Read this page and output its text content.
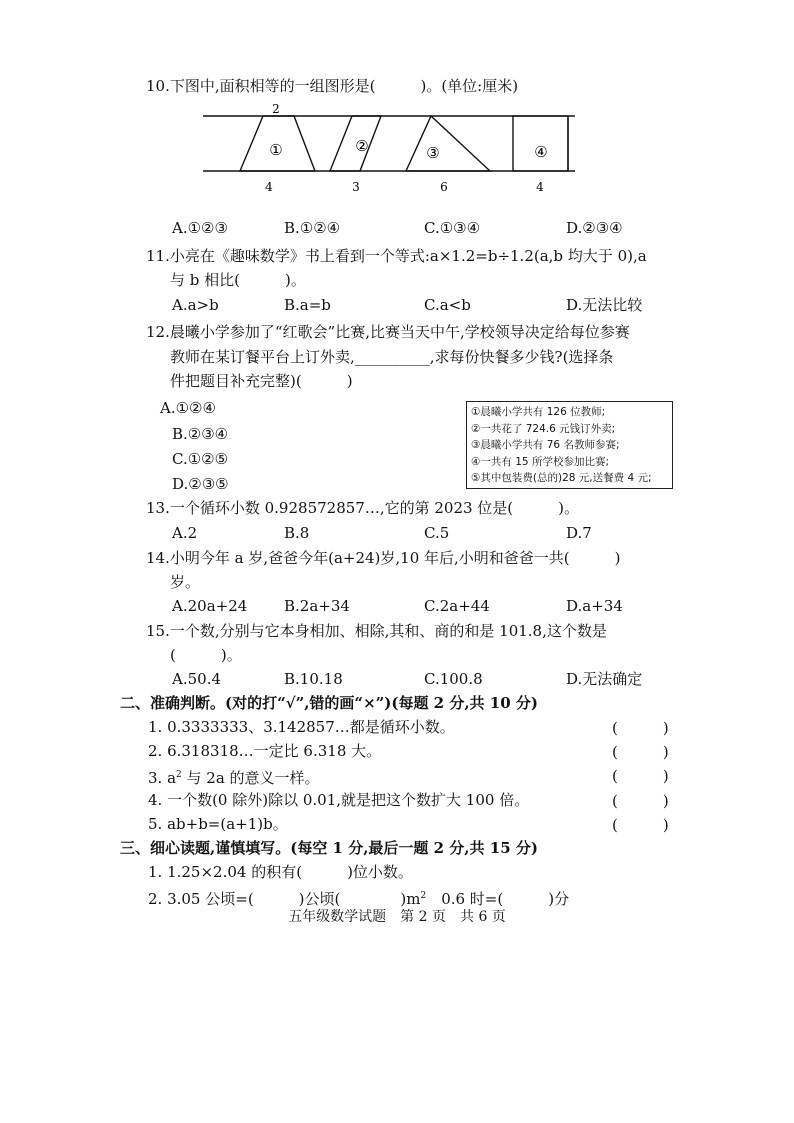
10.下图中,面积相等的一组图形是(　　　)。(单位:厘米)
2
①	②	③	④
4	3	6	4
A.①②③	B.①②④	C.①③④	D.②③④
11.小亮在《趣味数学》书上看到一个等式:a×1.2=b÷1.2(a,b 均大于 0),a
与 b 相比(　　　)。
A.a>b	B.a=b	C.a<b	D.无法比较
12.晨曦小学参加了“红歌会”比赛,比赛当天中午,学校领导决定给每位参赛
教师在某订餐平台上订外卖,__________,求每份快餐多少钱?(选择条
件把题目补充完整)(　　　)
A.①②④
B.②③④
C.①②⑤
D.②③⑤
①晨曦小学共有 126 位教师;
②一共花了 724.6 元钱订外卖;
③晨曦小学共有 76 名教师参赛;
④一共有 15 所学校参加比赛;
⑤其中包装费(总的)28 元,送餐费 4 元;
13.一个循环小数 0.928572857…,它的第 2023 位是(　　　)。
A.2	B.8	C.5	D.7
14.小明今年 a 岁,爸爸今年(a+24)岁,10 年后,小明和爸爸一共(　　　)
岁。
A.20a+24 B.2a+34	C.2a+44	D.a+34
15.一个数,分别与它本身相加、相除,其和、商的和是 101.8,这个数是
(　　　)。
A.50.4	B.10.18	C.100.8	D.无法确定
二、准确判断。(对的打“√”,错的画“×”)(每题 2 分,共 10 分)
1. 0.3333333、3.142857…都是循环小数。	(　　　)
2. 6.318318…一定比 6.318 大。	(　　　)
3. $a^2$ 与 2a 的意义一样。	(　　　)
4. 一个数(0 除外)除以 0.01,就是把这个数扩大 100 倍。	(　　　)
5. ab+b=(a+1)b。	(　　　)
三、细心读题,谨慎填写。(每空 1 分,最后一题 2 分,共 15 分)
1. 1.25×2.04 的积有(　　　)位小数。
2. 3.05 公顷=(　　　)公顷(　　　　)$m^2$　0.6 时=(　　　)分
五年级数学试题　第 2 页　共 6 页
